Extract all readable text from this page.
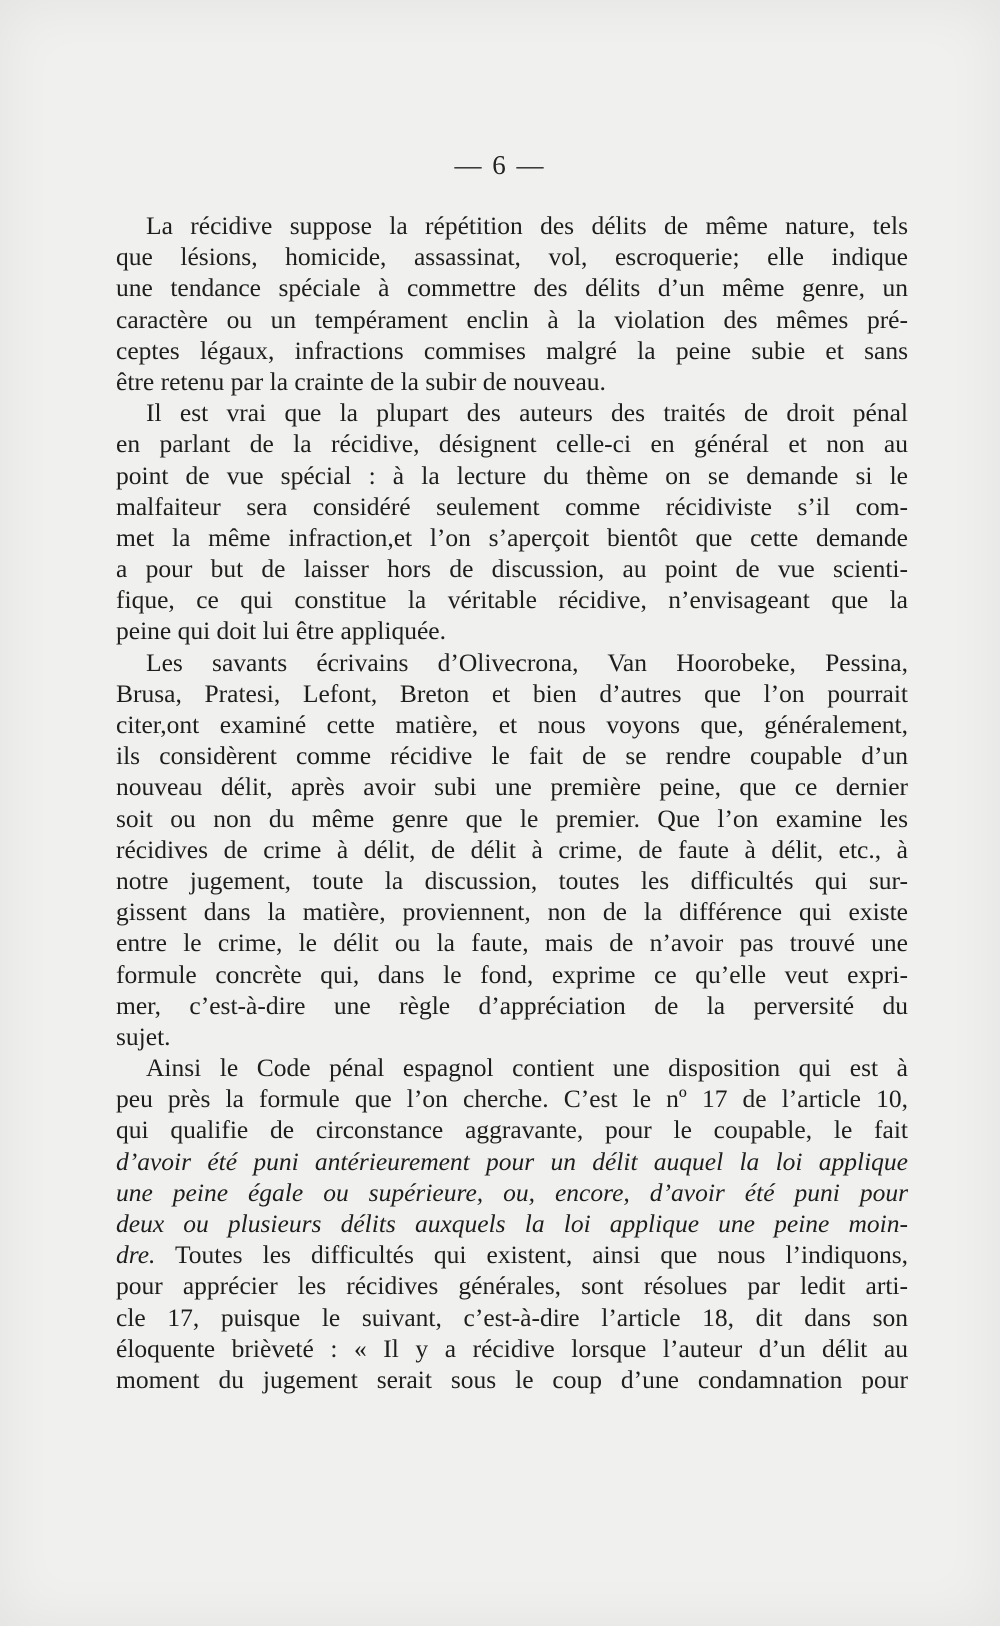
— 6 —
La récidive suppose la répétition des délits de même nature, tels
que lésions, homicide, assassinat, vol, escroquerie; elle indique
une tendance spéciale à commettre des délits d’un même genre, un
caractère ou un tempérament enclin à la violation des mêmes pré-
ceptes légaux, infractions commises malgré la peine subie et sans
être retenu par la crainte de la subir de nouveau.
Il est vrai que la plupart des auteurs des traités de droit pénal
en parlant de la récidive, désignent celle-ci en général et non au
point de vue spécial : à la lecture du thème on se demande si le
malfaiteur sera considéré seulement comme récidiviste s’il com-
met la même infraction,et l’on s’aperçoit bientôt que cette demande
a pour but de laisser hors de discussion, au point de vue scienti-
fique, ce qui constitue la véritable récidive, n’envisageant que la
peine qui doit lui être appliquée.
Les savants écrivains d’Olivecrona, Van Hoorobeke, Pessina,
Brusa, Pratesi, Lefont, Breton et bien d’autres que l’on pourrait
citer,ont examiné cette matière, et nous voyons que, généralement,
ils considèrent comme récidive le fait de se rendre coupable d’un
nouveau délit, après avoir subi une première peine, que ce dernier
soit ou non du même genre que le premier. Que l’on examine les
récidives de crime à délit, de délit à crime, de faute à délit, etc., à
notre jugement, toute la discussion, toutes les difficultés qui sur-
gissent dans la matière, proviennent, non de la différence qui existe
entre le crime, le délit ou la faute, mais de n’avoir pas trouvé une
formule concrète qui, dans le fond, exprime ce qu’elle veut expri-
mer, c’est-à-dire une règle d’appréciation de la perversité du
sujet.
Ainsi le Code pénal espagnol contient une disposition qui est à
peu près la formule que l’on cherche. C’est le nº 17 de l’article 10,
qui qualifie de circonstance aggravante, pour le coupable, le fait
d’avoir été puni antérieurement pour un délit auquel la loi applique
une peine égale ou supérieure, ou, encore, d’avoir été puni pour
deux ou plusieurs délits auxquels la loi applique une peine moin-
dre. Toutes les difficultés qui existent, ainsi que nous l’indiquons,
pour apprécier les récidives générales, sont résolues par ledit arti-
cle 17, puisque le suivant, c’est-à-dire l’article 18, dit dans son
éloquente brièveté : « Il y a récidive lorsque l’auteur d’un délit au
moment du jugement serait sous le coup d’une condamnation pour
